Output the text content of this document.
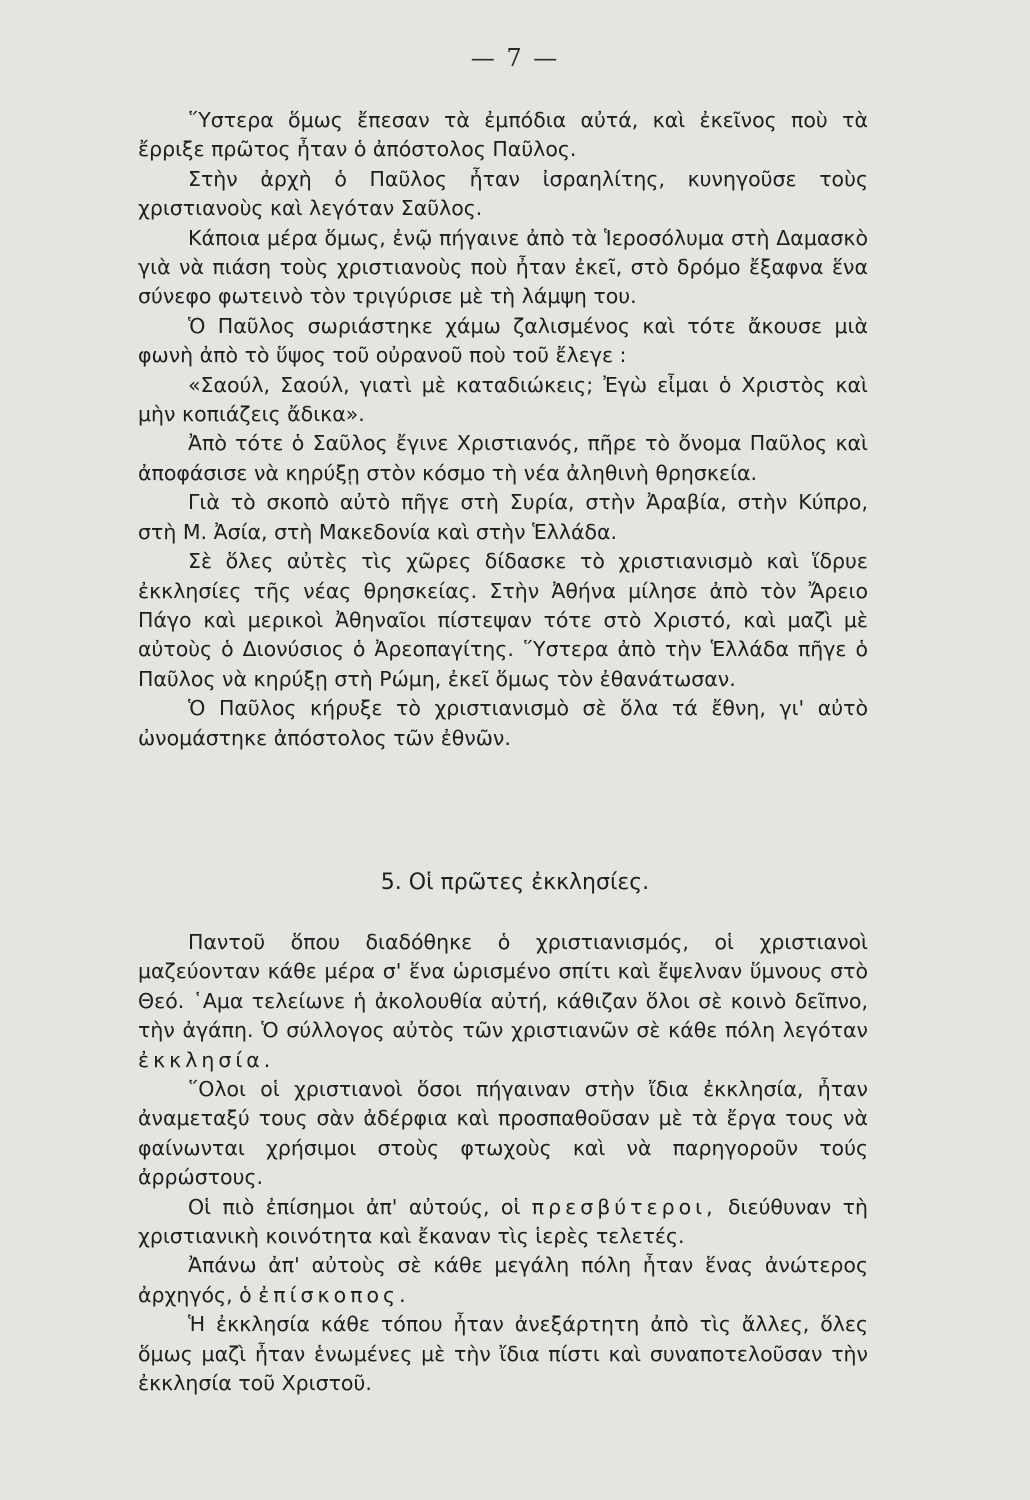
— 7 —

῞Υστερα ὅμως ἔπεσαν τὰ ἐμπόδια αὐτά, καὶ ἐκεῖνος ποὺ τὰ ἔρριξε πρῶτος ἦταν ὁ ἀπόστολος Παῦλος.

Στὴν ἀρχὴ ὁ Παῦλος ἦταν ἰσραηλίτης, κυνηγοῦσε τοὺς χριστιανοὺς καὶ λεγόταν Σαῦλος.

Κάποια μέρα ὅμως, ἐνῷ πήγαινε ἀπὸ τὰ Ἱεροσόλυμα στὴ Δαμασκὸ γιὰ νὰ πιάση τοὺς χριστιανοὺς ποὺ ἦταν ἐκεῖ, στὸ δρόμο ἔξαφνα ἕνα σύνεφο φωτεινὸ τὸν τριγύρισε μὲ τὴ λάμψη του.

Ὁ Παῦλος σωριάστηκε χάμω ζαλισμένος καὶ τότε ἄκουσε μιὰ φωνὴ ἀπὸ τὸ ὕψος τοῦ οὐρανοῦ ποὺ τοῦ ἔλεγε :

«Σαούλ, Σαούλ, γιατὶ μὲ καταδιώκεις; Ἐγὼ εἶμαι ὁ Χριστὸς καὶ μὴν κοπιάζεις ἄδικα».

Ἀπὸ τότε ὁ Σαῦλος ἔγινε Χριστιανός, πῆρε τὸ ὄνομα Παῦλος καὶ ἀποφάσισε νὰ κηρύξῃ στὸν κόσμο τὴ νέα ἀληθινὴ θρησκεία.

Γιὰ τὸ σκοπὸ αὐτὸ πῆγε στὴ Συρία, στὴν Ἀραβία, στὴν Κύπρο, στὴ Μ. Ἀσία, στὴ Μακεδονία καὶ στὴν Ἑλλάδα.

Σὲ ὅλες αὐτὲς τὶς χῶρες δίδασκε τὸ χριστιανισμὸ καὶ ἵδρυε ἐκκλησίες τῆς νέας θρησκείας. Στὴν Ἀθήνα μίλησε ἀπὸ τὸν Ἄρειο Πάγο καὶ μερικοὶ Ἀθηναῖοι πίστεψαν τότε στὸ Χριστό, καὶ μαζὶ μὲ αὐτοὺς ὁ Διονύσιος ὁ Ἀρεοπαγίτης. ῞Υστερα ἀπὸ τὴν Ἑλλάδα πῆγε ὁ Παῦλος νὰ κηρύξῃ στὴ Ρώμη, ἐκεῖ ὅμως τὸν ἐθανάτωσαν.

Ὁ Παῦλος κήρυξε τὸ χριστιανισμὸ σὲ ὅλα τά ἔθνη, γι' αὐτὸ ὠνομάστηκε ἀπόστολος τῶν ἐθνῶν.

5. Οἱ πρῶτες ἐκκλησίες.

Παντοῦ ὅπου διαδόθηκε ὁ χριστιανισμός, οἱ χριστιανοὶ μαζεύονταν κάθε μέρα σ' ἕνα ὡρισμένο σπίτι καὶ ἔψελναν ὕμνους στὸ Θεό. ῾Αμα τελείωνε ἡ ἀκολουθία αὐτή, κάθιζαν ὅλοι σὲ κοινὸ δεῖπνο, τὴν ἀγάπη. Ὁ σύλλογος αὐτὸς τῶν χριστιανῶν σὲ κάθε πόλη λεγόταν ἐκκλησία.

῞Ολοι οἱ χριστιανοὶ ὅσοι πήγαιναν στὴν ἴδια ἐκκλησία, ἦταν ἀναμεταξύ τους σὰν ἀδέρφια καὶ προσπαθοῦσαν μὲ τὰ ἔργα τους νὰ φαίνωνται χρήσιμοι στοὺς φτωχοὺς καὶ νὰ παρηγοροῦν τούς ἀρρώστους.

Οἱ πιὸ ἐπίσημοι ἀπ' αὐτούς, οἱ πρεσβύτεροι, διεύθυναν τὴ χριστιανικὴ κοινότητα καὶ ἔκαναν τὶς ἱερὲς τελετές.

Ἀπάνω ἀπ' αὐτοὺς σὲ κάθε μεγάλη πόλη ἦταν ἕνας ἀνώτερος ἀρχηγός, ὁ ἐπίσκοπος.

Ἡ ἐκκλησία κάθε τόπου ἦταν ἀνεξάρτητη ἀπὸ τὶς ἄλλες, ὅλες ὅμως μαζὶ ἦταν ἑνωμένες μὲ τὴν ἴδια πίστι καὶ συναποτελοῦσαν τὴν ἐκκλησία τοῦ Χριστοῦ.
